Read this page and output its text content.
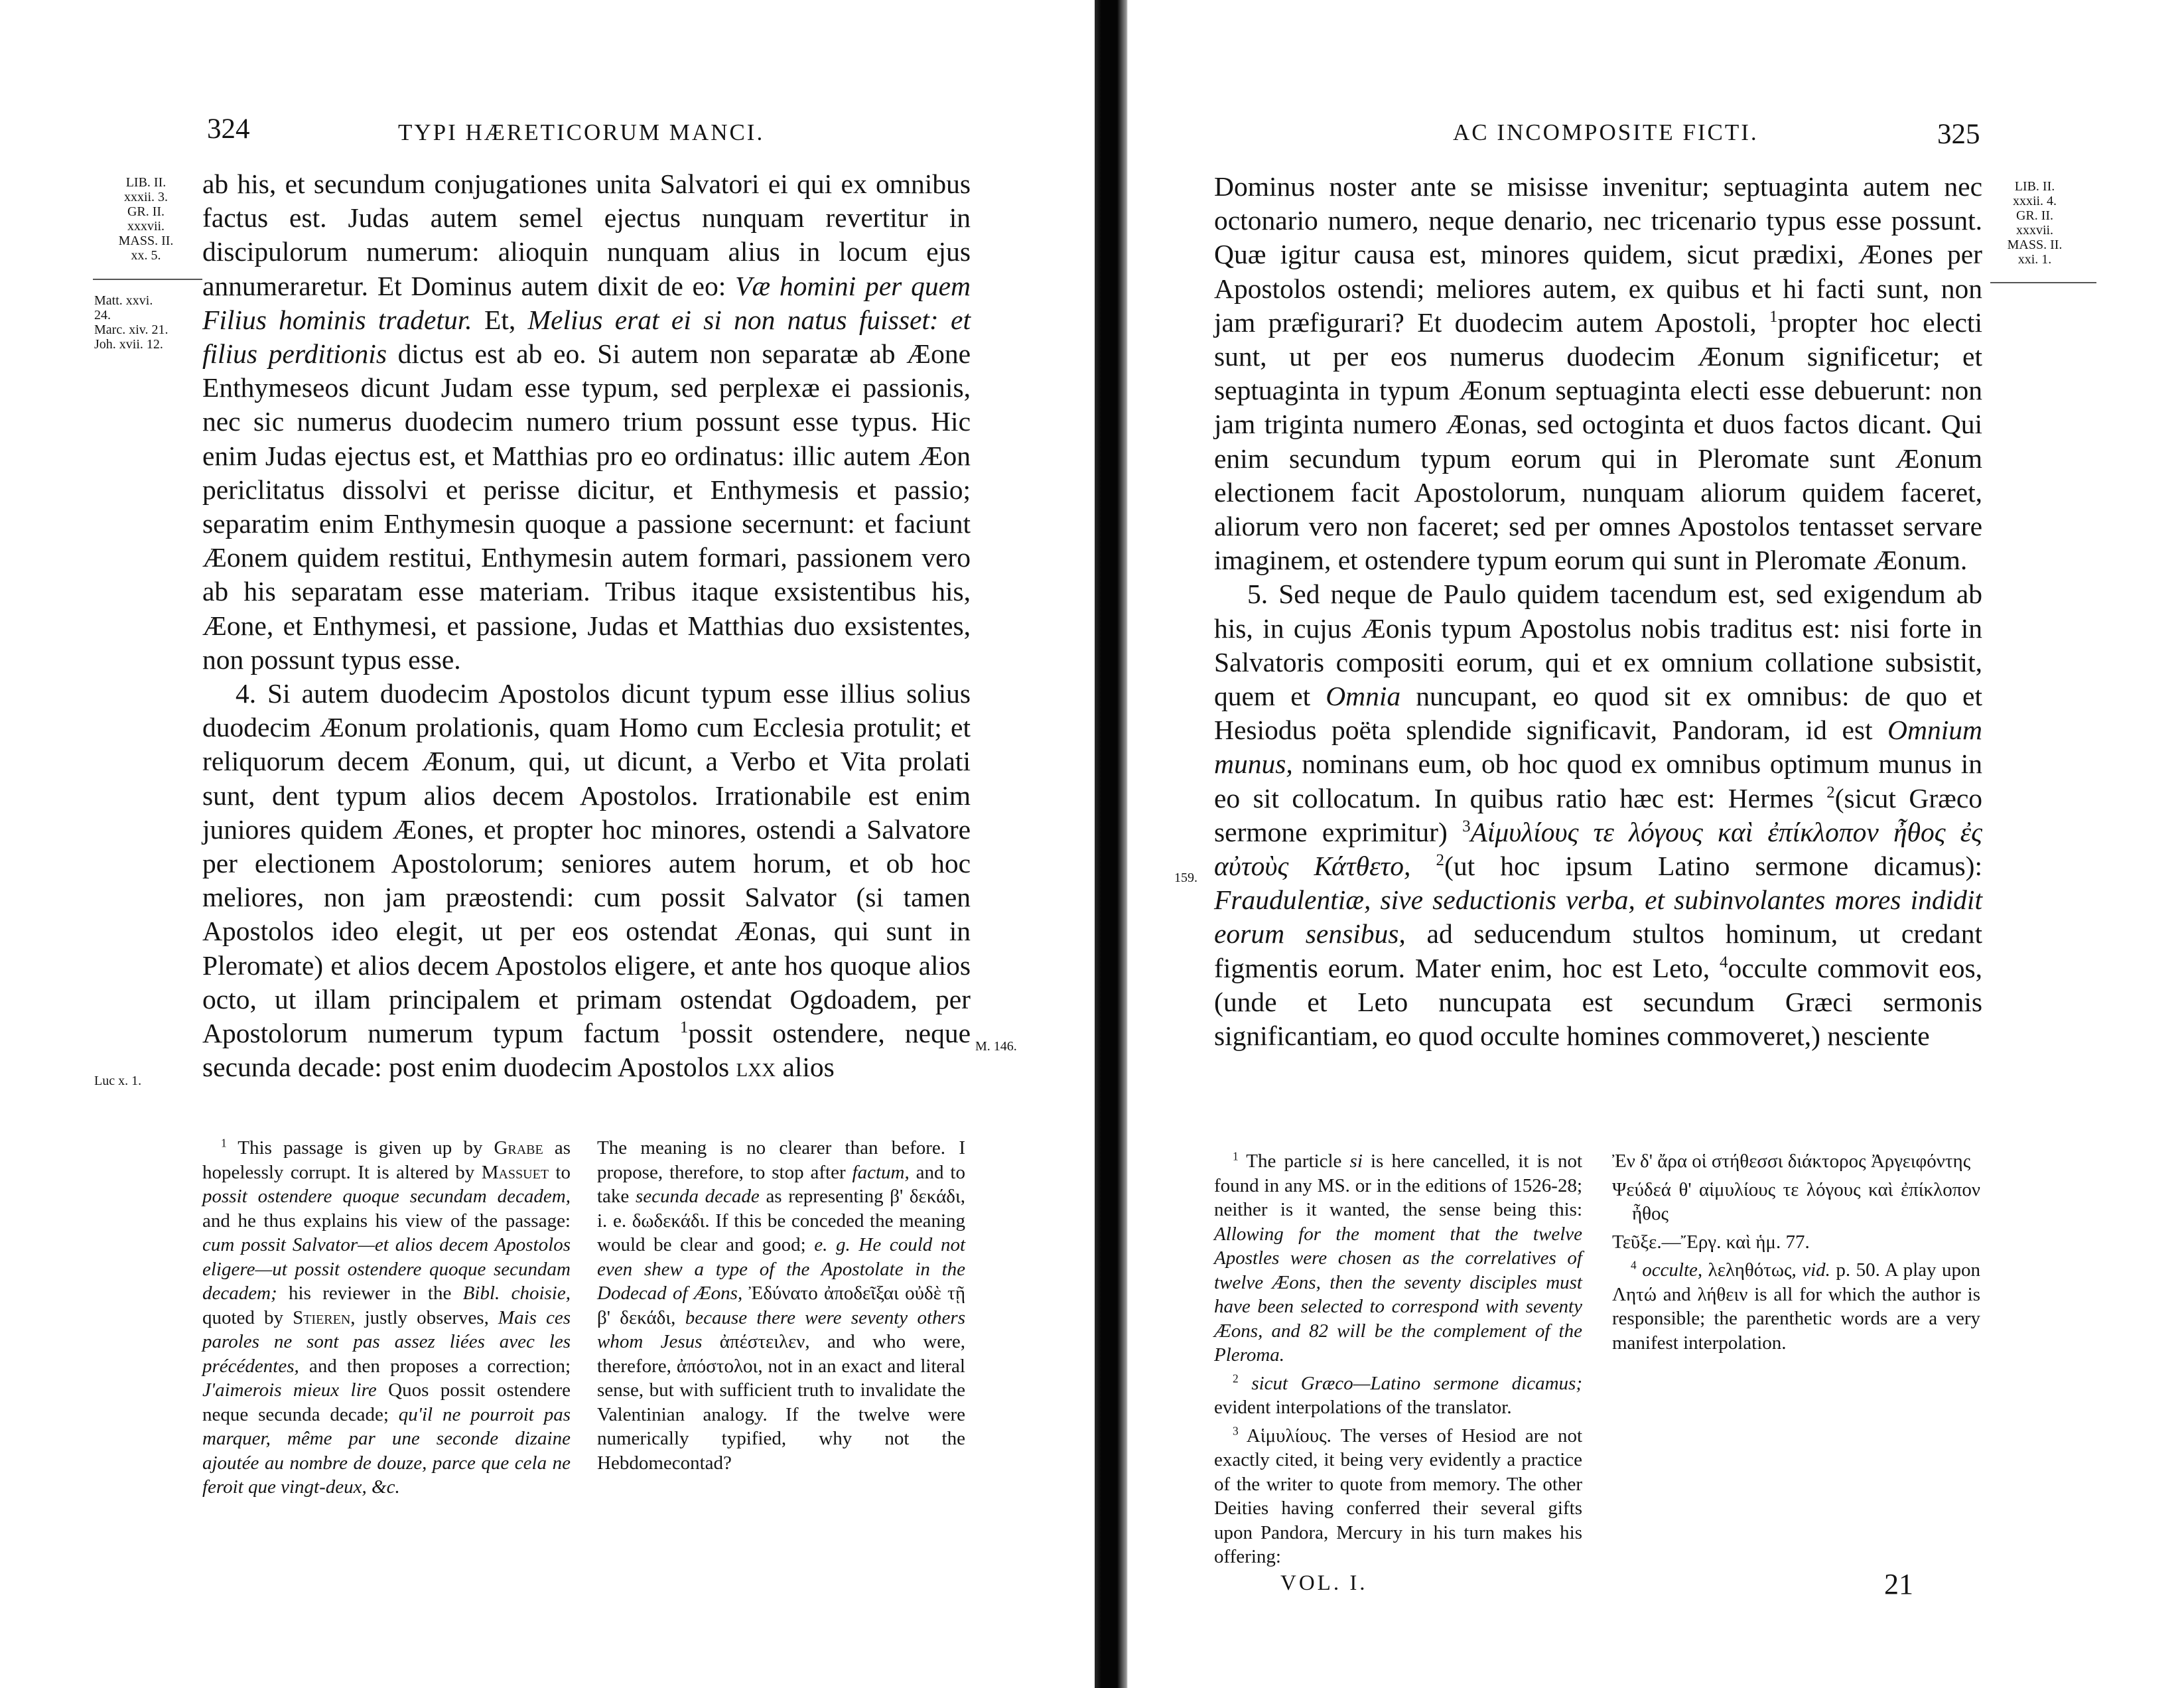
324	TYPI HÆRETICORUM MANCI.
LIB. II.
xxxii. 3.
GR. II.
xxxvii.
MASS. II.
xx. 5.
Matt. xxvi.
24.
Marc. xiv. 21.
Joh. xvii. 12.
M. 146.
Luc x. 1.

ab his, et secundum conjugationes unita Salvatori ei qui ex omnibus factus est. Judas autem semel ejectus nunquam revertitur in discipulorum numerum: alioquin nunquam alius in locum ejus annumeraretur. Et Dominus autem dixit de eo: Væ homini per quem Filius hominis tradetur. Et, Melius erat ei si non natus fuisset: et filius perditionis dictus est ab eo. Si autem non separatæ ab Æone Enthymeseos dicunt Judam esse typum, sed perplexæ ei passionis, nec sic numerus duodecim numero trium possunt esse typus. Hic enim Judas ejectus est, et Matthias pro eo ordinatus: illic autem Æon periclitatus dissolvi et perisse dicitur, et Enthymesis et passio; separatim enim Enthymesin quoque a passione secernunt: et faciunt Æonem quidem restitui, Enthymesin autem formari, passionem vero ab his separatam esse materiam. Tribus itaque exsistentibus his, Æone, et Enthymesi, et passione, Judas et Matthias duo exsistentes, non possunt typus esse.

4. Si autem duodecim Apostolos dicunt typum esse illius solius duodecim Æonum prolationis, quam Homo cum Ecclesia protulit; et reliquorum decem Æonum, qui, ut dicunt, a Verbo et Vita prolati sunt, dent typum alios decem Apostolos. Irrationabile est enim juniores quidem Æones, et propter hoc minores, ostendi a Salvatore per electionem Apostolorum; seniores autem horum, et ob hoc meliores, non jam præostendi: cum possit Salvator (si tamen Apostolos ideo elegit, ut per eos ostendat Æonas, qui sunt in Pleromate) et alios decem Apostolos eligere, et ante hos quoque alios octo, ut illam principalem et primam ostendat Ogdoadem, per Apostolorum numerum typum factum $^1$possit ostendere, neque secunda decade: post enim duodecim Apostolos lxx alios

$^1$ This passage is given up by Grabe as hopelessly corrupt. It is altered by Massuet to possit ostendere quoque secundam decadem, and he thus explains his view of the passage: cum possit Salvator—et alios decem Apostolos eligere—ut possit ostendere quoque secundam decadem; his reviewer in the Bibl. choisie, quoted by Stieren, justly observes, Mais ces paroles ne sont pas assez liées avec les précédentes, and then proposes a correction; J'aimerois mieux lire Quos possit ostendere neque secunda decade; qu'il ne pourroit pas marquer, même par une seconde dizaine ajoutée au nombre de douze, parce que cela ne feroit que vingt-deux, &c.

The meaning is no clearer than before. I propose, therefore, to stop after factum, and to take secunda decade as representing β' δεκάδι, i. e. δωδεκάδι. If this be conceded the meaning would be clear and good; e. g. He could not even shew a type of the Apostolate in the Dodecad of Æons, Ἐδύνατο ἀποδεῖξαι οὐδὲ τῇ β' δεκάδι, because there were seventy others whom Jesus ἀπέστειλεν, and who were, therefore, ἀπόστολοι, not in an exact and literal sense, but with sufficient truth to invalidate the Valentinian analogy. If the twelve were numerically typified, why not the Hebdomecontad?

AC INCOMPOSITE FICTI.	325
LIB. II.
xxxii. 4.
GR. II.
xxxvii.
MASS. II.
xxi. 1.
159.

Dominus noster ante se misisse invenitur; septuaginta autem nec octonario numero, neque denario, nec tricenario typus esse possunt. Quæ igitur causa est, minores quidem, sicut prædixi, Æones per Apostolos ostendi; meliores autem, ex quibus et hi facti sunt, non jam præfigurari? Et duodecim autem Apostoli, $^1$propter hoc electi sunt, ut per eos numerus duodecim Æonum significetur; et septuaginta in typum Æonum septuaginta electi esse debuerunt: non jam triginta numero Æonas, sed octoginta et duos factos dicant. Qui enim secundum typum eorum qui in Pleromate sunt Æonum electionem facit Apostolorum, nunquam aliorum quidem faceret, aliorum vero non faceret; sed per omnes Apostolos tentasset servare imaginem, et ostendere typum eorum qui sunt in Pleromate Æonum.

5. Sed neque de Paulo quidem tacendum est, sed exigendum ab his, in cujus Æonis typum Apostolus nobis traditus est: nisi forte in Salvatoris compositi eorum, qui et ex omnium collatione subsistit, quem et Omnia nuncupant, eo quod sit ex omnibus: de quo et Hesiodus poëta splendide significavit, Pandoram, id est Omnium munus, nominans eum, ob hoc quod ex omnibus optimum munus in eo sit collocatum. In quibus ratio hæc est: Hermes $^2$(sicut Græco sermone exprimitur) $^3$Αἱμυλίους τε λόγους καὶ ἐπίκλοπον ἦθος ἐς αὐτοὺς Κάτθετο, $^2$(ut hoc ipsum Latino sermone dicamus): Fraudulentiæ, sive seductionis verba, et subinvolantes mores indidit eorum sensibus, ad seducendum stultos hominum, ut credant figmentis eorum. Mater enim, hoc est Leto, $^4$occulte commovit eos, (unde et Leto nuncupata est secundum Græci sermonis significantiam, eo quod occulte homines commoveret,) nesciente

$^1$ The particle si is here cancelled, it is not found in any MS. or in the editions of 1526-28; neither is it wanted, the sense being this: Allowing for the moment that the twelve Apostles were chosen as the correlatives of twelve Æons, then the seventy disciples must have been selected to correspond with seventy Æons, and 82 will be the complement of the Pleroma.

$^2$ sicut Græco—Latino sermone dicamus; evident interpolations of the translator.

$^3$ Αἱμυλίους. The verses of Hesiod are not exactly cited, it being very evidently a practice of the writer to quote from memory. The other Deities having conferred their several gifts upon Pandora, Mercury in his turn makes his offering:

Ἐν δ' ἄρα οἱ στήθεσσι διάκτορος Ἀργειφόντης

Ψεύδεά θ' αἱμυλίους τε λόγους καὶ ἐπίκλοπον ἦθος

Τεῦξε.—Ἔργ. καὶ ἡμ. 77.

$^4$ occulte, λεληθότως, vid. p. 50. A play upon Λητώ and λήθειν is all for which the author is responsible; the parenthetic words are a very manifest interpolation.

VOL. I.	21
